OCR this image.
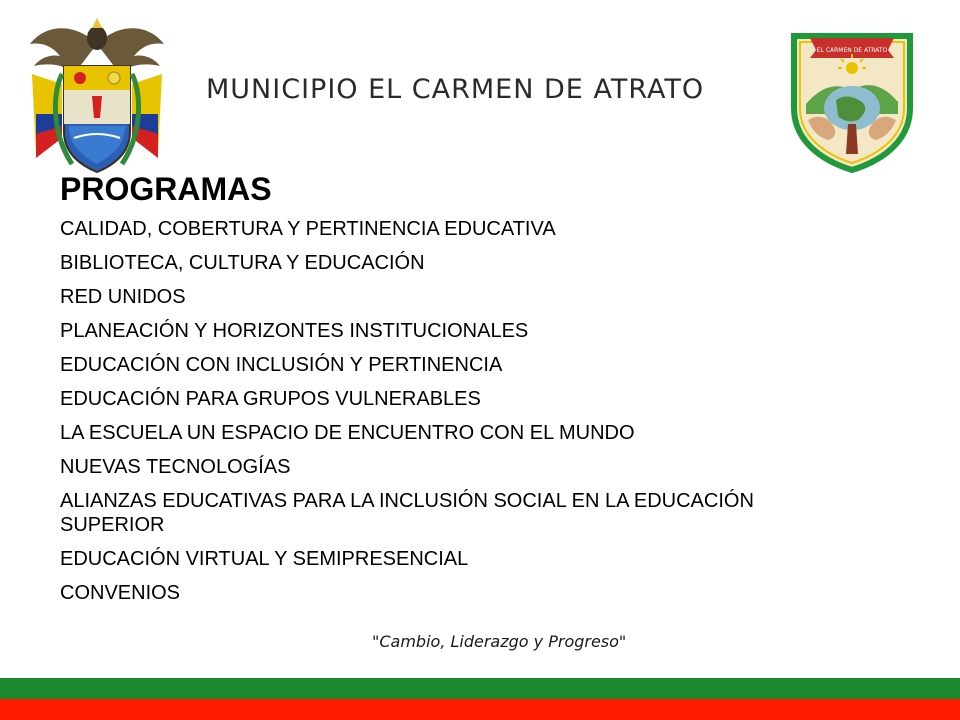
MUNICIPIO EL CARMEN DE ATRATO
EL CARMEN DE ATRATO
PROGRAMAS
CALIDAD, COBERTURA Y PERTINENCIA EDUCATIVA
BIBLIOTECA, CULTURA Y EDUCACIÓN
RED UNIDOS
PLANEACIÓN Y HORIZONTES INSTITUCIONALES
EDUCACIÓN CON INCLUSIÓN Y PERTINENCIA
EDUCACIÓN PARA GRUPOS VULNERABLES
LA ESCUELA UN ESPACIO DE ENCUENTRO CON EL MUNDO
NUEVAS TECNOLOGÍAS
ALIANZAS EDUCATIVAS PARA LA INCLUSIÓN SOCIAL EN LA EDUCACIÓN SUPERIOR
EDUCACIÓN VIRTUAL Y SEMIPRESENCIAL
CONVENIOS
"Cambio, Liderazgo y Progreso"
